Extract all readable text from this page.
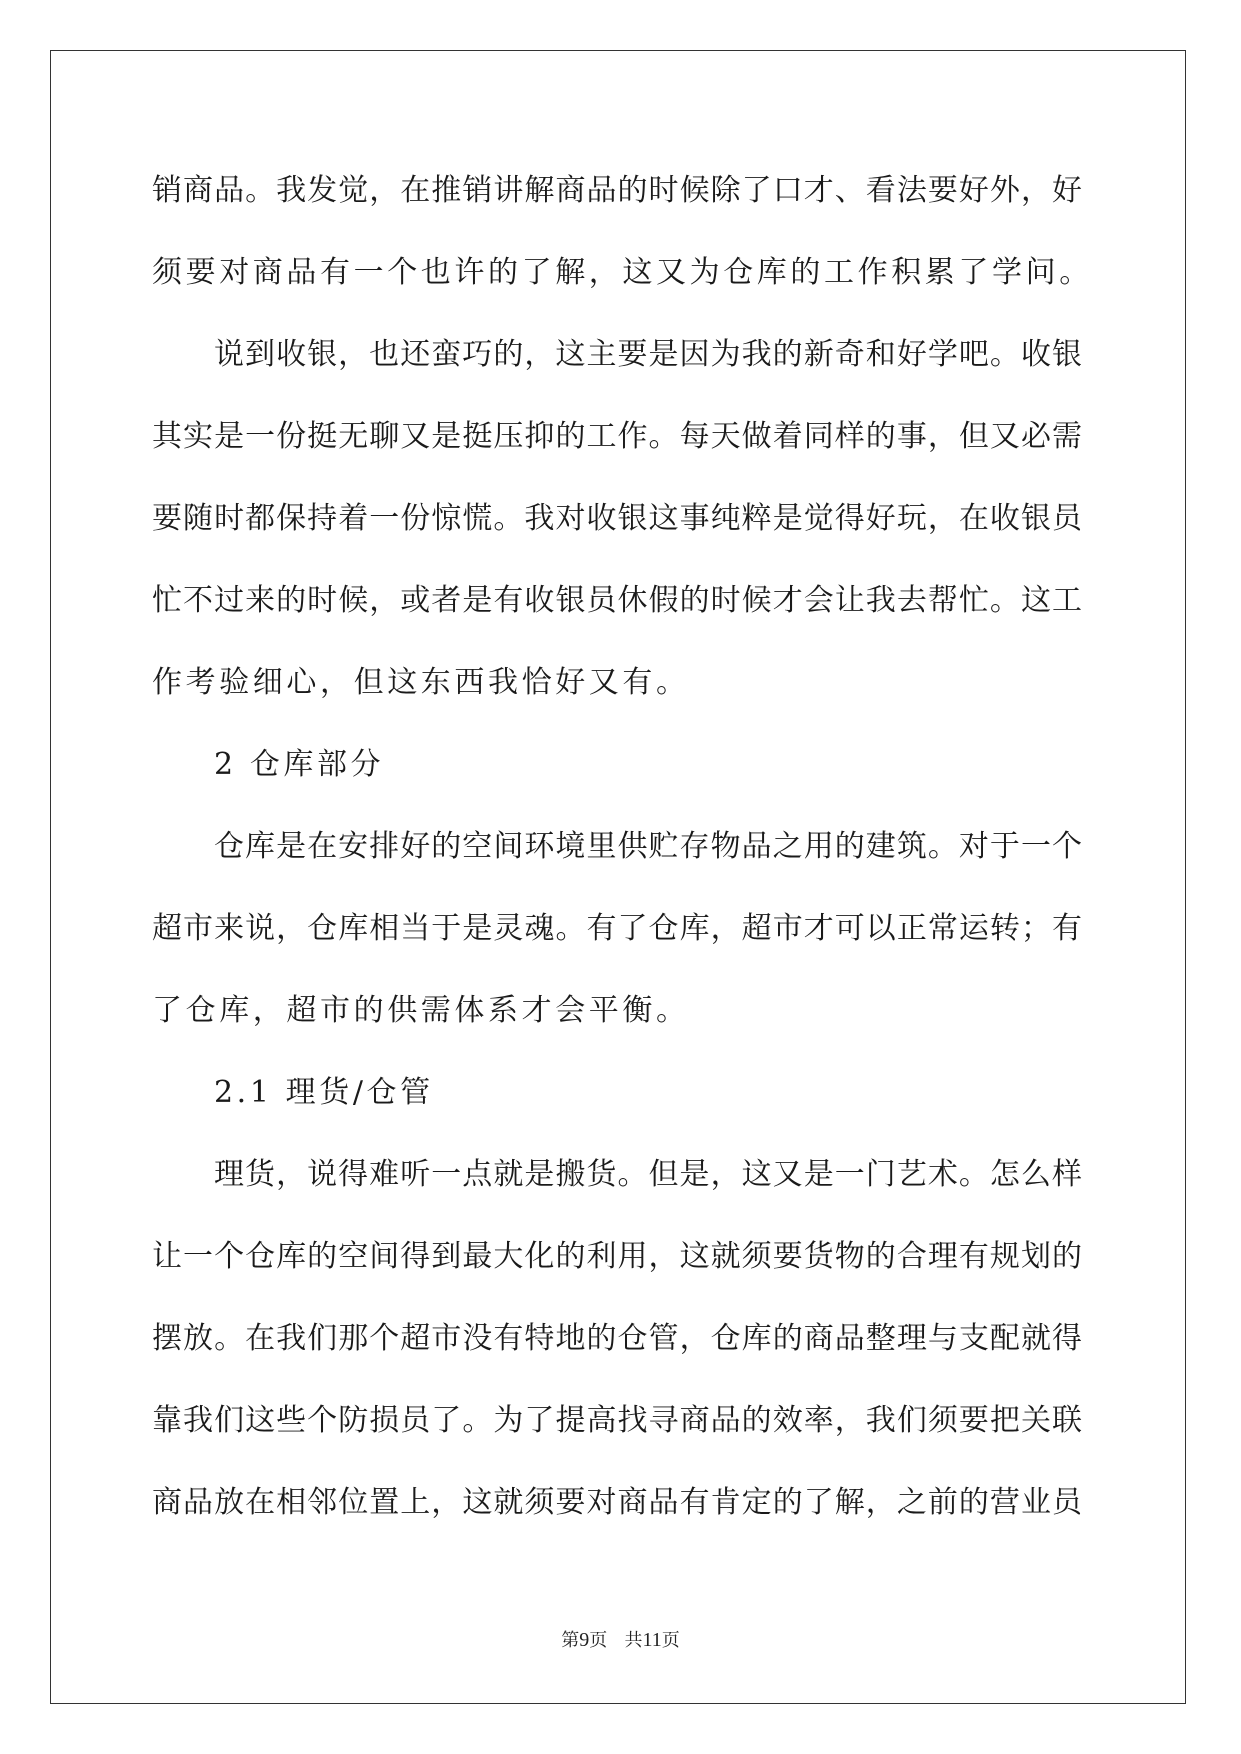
销商品。我发觉，在推销讲解商品的时候除了口才、看法要好外，好
须要对商品有一个也许的了解，这又为仓库的工作积累了学问。
说到收银，也还蛮巧的，这主要是因为我的新奇和好学吧。收银
其实是一份挺无聊又是挺压抑的工作。每天做着同样的事，但又必需
要随时都保持着一份惊慌。我对收银这事纯粹是觉得好玩，在收银员
忙不过来的时候，或者是有收银员休假的时候才会让我去帮忙。这工
作考验细心，但这东西我恰好又有。
2 仓库部分
仓库是在安排好的空间环境里供贮存物品之用的建筑。对于一个
超市来说，仓库相当于是灵魂。有了仓库，超市才可以正常运转；有
了仓库，超市的供需体系才会平衡。
2.1 理货/仓管
理货，说得难听一点就是搬货。但是，这又是一门艺术。怎么样
让一个仓库的空间得到最大化的利用，这就须要货物的合理有规划的
摆放。在我们那个超市没有特地的仓管，仓库的商品整理与支配就得
靠我们这些个防损员了。为了提高找寻商品的效率，我们须要把关联
商品放在相邻位置上，这就须要对商品有肯定的了解，之前的营业员
第9页 共11页
